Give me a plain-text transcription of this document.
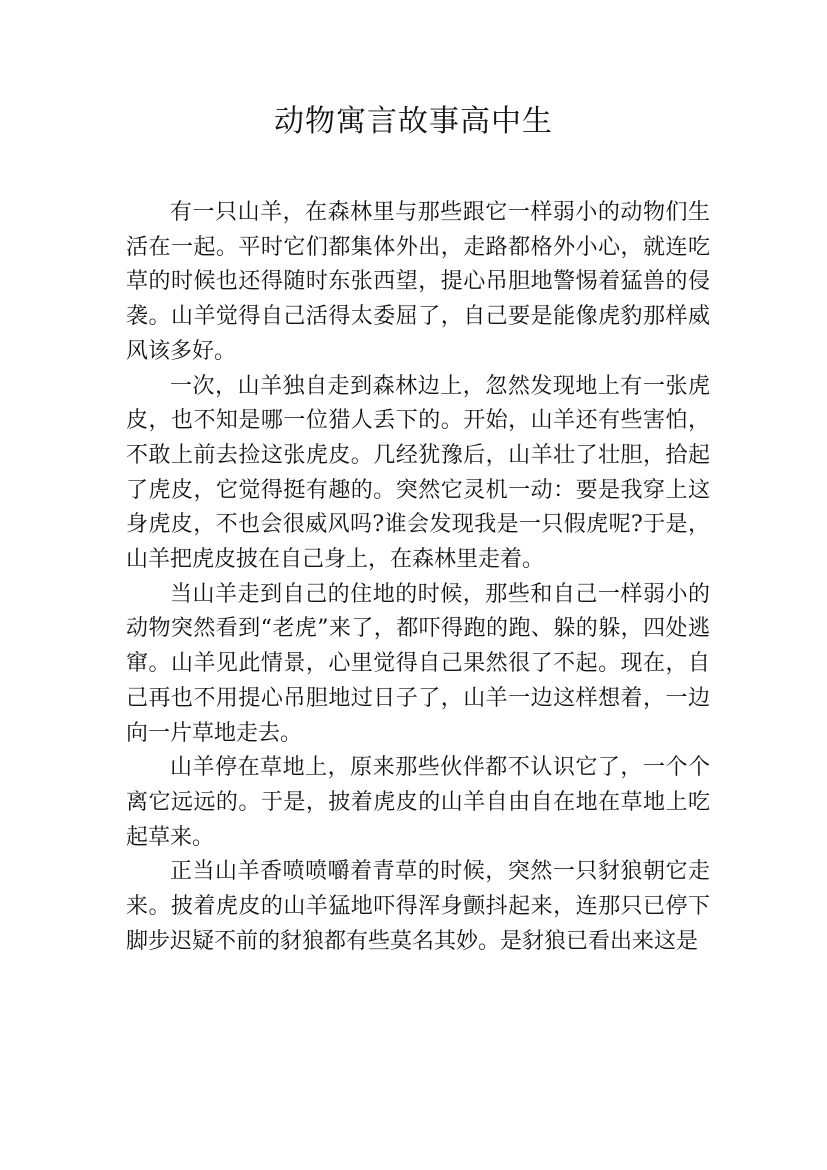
动物寓言故事高中生

有一只山羊，在森林里与那些跟它一样弱小的动物们生活在一起。平时它们都集体外出，走路都格外小心，就连吃草的时候也还得随时东张西望，提心吊胆地警惕着猛兽的侵袭。山羊觉得自己活得太委屈了，自己要是能像虎豹那样威风该多好。

一次，山羊独自走到森林边上，忽然发现地上有一张虎皮，也不知是哪一位猎人丢下的。开始，山羊还有些害怕，不敢上前去捡这张虎皮。几经犹豫后，山羊壮了壮胆，拾起了虎皮，它觉得挺有趣的。突然它灵机一动：要是我穿上这身虎皮，不也会很威风吗?谁会发现我是一只假虎呢?于是，山羊把虎皮披在自己身上，在森林里走着。

当山羊走到自己的住地的时候，那些和自己一样弱小的动物突然看到“老虎”来了，都吓得跑的跑、躲的躲，四处逃窜。山羊见此情景，心里觉得自己果然很了不起。现在，自己再也不用提心吊胆地过日子了，山羊一边这样想着，一边向一片草地走去。

山羊停在草地上，原来那些伙伴都不认识它了，一个个离它远远的。于是，披着虎皮的山羊自由自在地在草地上吃起草来。

正当山羊香喷喷嚼着青草的时候，突然一只豺狼朝它走来。披着虎皮的山羊猛地吓得浑身颤抖起来，连那只已停下脚步迟疑不前的豺狼都有些莫名其妙。是豺狼已看出来这是
